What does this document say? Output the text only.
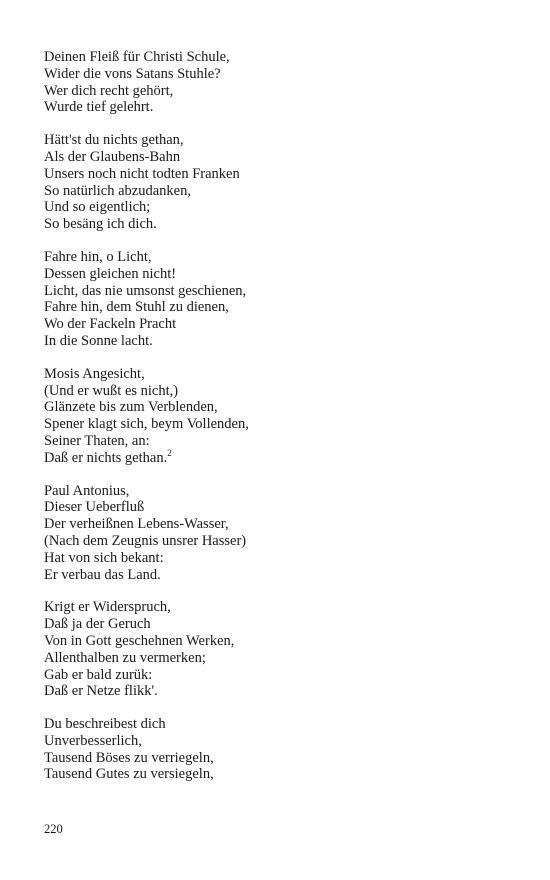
Deinen Fleiß für Christi Schule,
Wider die vons Satans Stuhle?
Wer dich recht gehört,
Wurde tief gelehrt.
Hätt'st du nichts gethan,
Als der Glaubens-Bahn
Unsers noch nicht todten Franken
So natürlich abzudanken,
Und so eigentlich;
So besäng ich dich.
Fahre hin, o Licht,
Dessen gleichen nicht!
Licht, das nie umsonst geschienen,
Fahre hin, dem Stuhl zu dienen,
Wo der Fackeln Pracht
In die Sonne lacht.
Mosis Angesicht,
(Und er wußt es nicht,)
Glänzete bis zum Verblenden,
Spener klagt sich, beym Vollenden,
Seiner Thaten, an:
Daß er nichts gethan.$^2$
Paul Antonius,
Dieser Ueberfluß
Der verheißnen Lebens-Wasser,
(Nach dem Zeugnis unsrer Hasser)
Hat von sich bekant:
Er verbau das Land.
Krigt er Widerspruch,
Daß ja der Geruch
Von in Gott geschehnen Werken,
Allenthalben zu vermerken;
Gab er bald zurük:
Daß er Netze flikk'.
Du beschreibest dich
Unverbesserlich,
Tausend Böses zu verriegeln,
Tausend Gutes zu versiegeln,
220
